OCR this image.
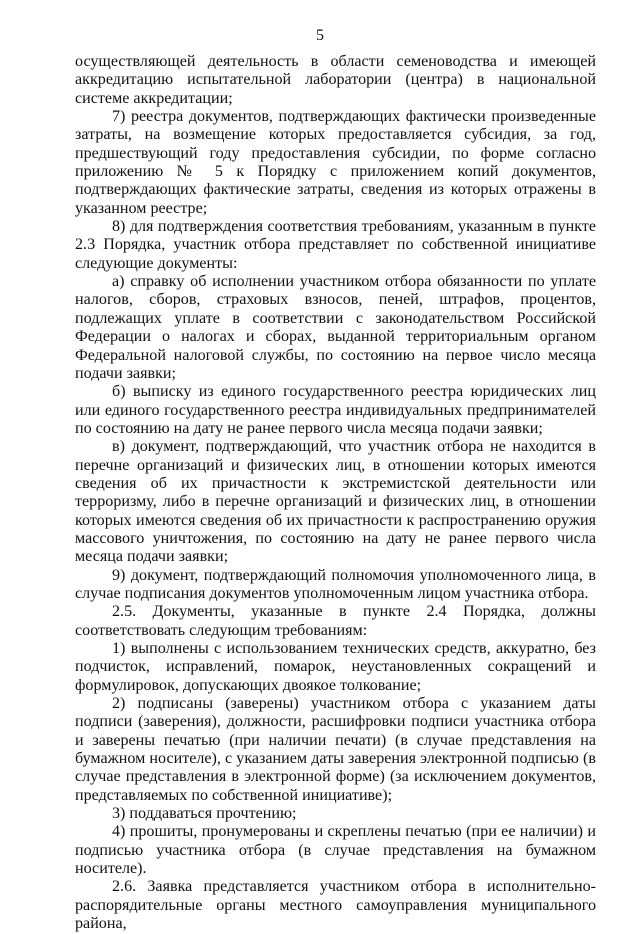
5

осуществляющей деятельность в области семеноводства и имеющей аккредитацию испытательной лаборатории (центра) в национальной системе аккредитации;

7) реестра документов, подтверждающих фактически произведенные затраты, на возмещение которых предоставляется субсидия, за год, предшествующий году предоставления субсидии, по форме согласно приложению № 5 к Порядку с приложением копий документов, подтверждающих фактические затраты, сведения из которых отражены в указанном реестре;

8) для подтверждения соответствия требованиям, указанным в пункте 2.3 Порядка, участник отбора представляет по собственной инициативе следующие документы:

а) справку об исполнении участником отбора обязанности по уплате налогов, сборов, страховых взносов, пеней, штрафов, процентов, подлежащих уплате в соответствии с законодательством Российской Федерации о налогах и сборах, выданной территориальным органом Федеральной налоговой службы, по состоянию на первое число месяца подачи заявки;

б) выписку из единого государственного реестра юридических лиц или единого государственного реестра индивидуальных предпринимателей по состоянию на дату не ранее первого числа месяца подачи заявки;

в) документ, подтверждающий, что участник отбора не находится в перечне организаций и физических лиц, в отношении которых имеются сведения об их причастности к экстремистской деятельности или терроризму, либо в перечне организаций и физических лиц, в отношении которых имеются сведения об их причастности к распространению оружия массового уничтожения, по состоянию на дату не ранее первого числа месяца подачи заявки;

9) документ, подтверждающий полномочия уполномоченного лица, в случае подписания документов уполномоченным лицом участника отбора.

2.5. Документы, указанные в пункте 2.4 Порядка, должны соответствовать следующим требованиям:

1) выполнены с использованием технических средств, аккуратно, без подчисток, исправлений, помарок, неустановленных сокращений и формулировок, допускающих двоякое толкование;

2) подписаны (заверены) участником отбора с указанием даты подписи (заверения), должности, расшифровки подписи участника отбора и заверены печатью (при наличии печати) (в случае представления на бумажном носителе), с указанием даты заверения электронной подписью (в случае представления в электронной форме) (за исключением документов, представляемых по собственной инициативе);

3) поддаваться прочтению;

4) прошиты, пронумерованы и скреплены печатью (при ее наличии) и подписью участника отбора (в случае представления на бумажном носителе).

2.6. Заявка представляется участником отбора в исполнительно-распорядительные органы местного самоуправления муниципального района,
